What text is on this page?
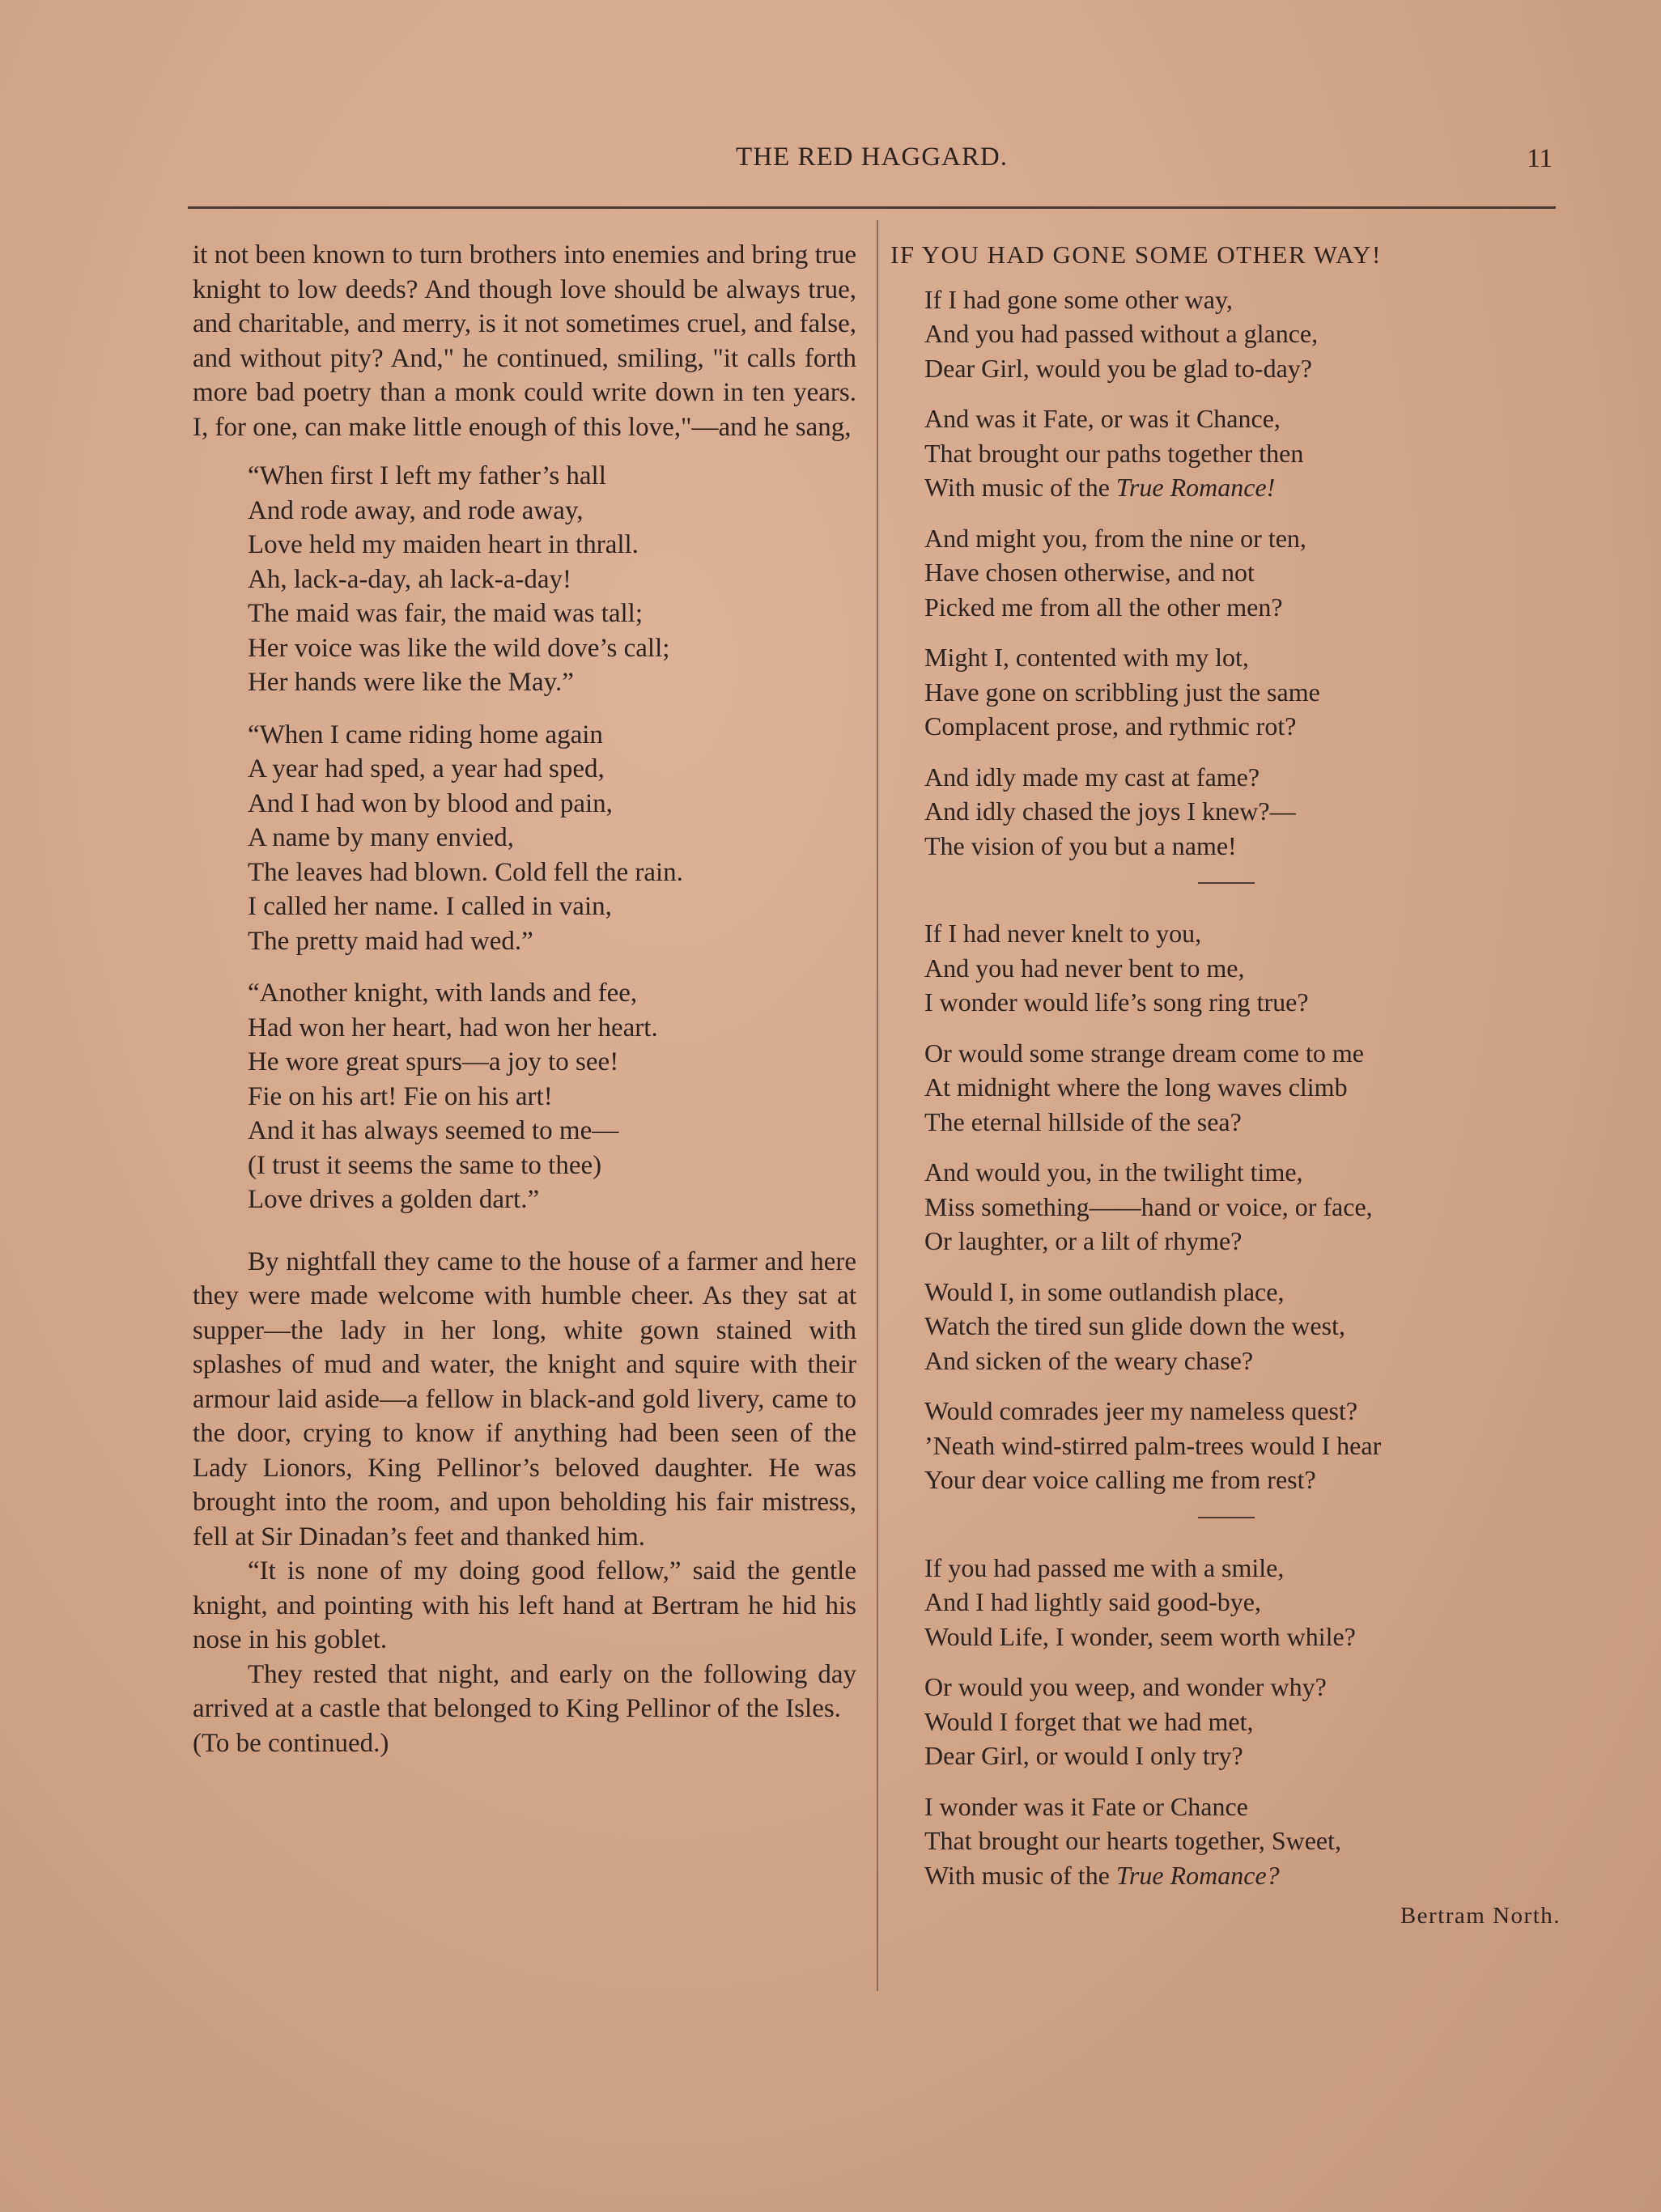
THE RED HAGGARD.	11

it not been known to turn brothers into enemies and bring true knight to low deeds? And though love should be always true, and charitable, and merry, is it not sometimes cruel, and false, and without pity? And," he continued, smiling, "it calls forth more bad poetry than a monk could write down in ten years. I, for one, can make little enough of this love,"—and he sang,

“When first I left my father’s hall
And rode away, and rode away,
Love held my maiden heart in thrall.
Ah, lack-a-day, ah lack-a-day!
The maid was fair, the maid was tall;
Her voice was like the wild dove’s call;
Her hands were like the May.”
“When I came riding home again
A year had sped, a year had sped,
And I had won by blood and pain,
A name by many envied,
The leaves had blown. Cold fell the rain.
I called her name. I called in vain,
The pretty maid had wed.”
“Another knight, with lands and fee,
Had won her heart, had won her heart.
He wore great spurs—a joy to see!
Fie on his art! Fie on his art!
And it has always seemed to me—
(I trust it seems the same to thee)
Love drives a golden dart.”

By nightfall they came to the house of a farmer and here they were made welcome with humble cheer. As they sat at supper—the lady in her long, white gown stained with splashes of mud and water, the knight and squire with their armour laid aside—a fellow in black-and gold livery, came to the door, crying to know if anything had been seen of the Lady Lionors, King Pellinor’s beloved daughter. He was brought into the room, and upon beholding his fair mistress, fell at Sir Dinadan’s feet and thanked him.

“It is none of my doing good fellow,” said the gentle knight, and pointing with his left hand at Bertram he hid his nose in his goblet.

They rested that night, and early on the following day arrived at a castle that belonged to King Pellinor of the Isles.

(To be continued.)

IF YOU HAD GONE SOME OTHER WAY!
If I had gone some other way,
And you had passed without a glance,
Dear Girl, would you be glad to-day?
And was it Fate, or was it Chance,
That brought our paths together then
With music of the True Romance!
And might you, from the nine or ten,
Have chosen otherwise, and not
Picked me from all the other men?
Might I, contented with my lot,
Have gone on scribbling just the same
Complacent prose, and rythmic rot?
And idly made my cast at fame?
And idly chased the joys I knew?—
The vision of you but a name!
If I had never knelt to you,
And you had never bent to me,
I wonder would life’s song ring true?
Or would some strange dream come to me
At midnight where the long waves climb
The eternal hillside of the sea?
And would you, in the twilight time,
Miss something——hand or voice, or face,
Or laughter, or a lilt of rhyme?
Would I, in some outlandish place,
Watch the tired sun glide down the west,
And sicken of the weary chase?
Would comrades jeer my nameless quest?
’Neath wind-stirred palm-trees would I hear
Your dear voice calling me from rest?
If you had passed me with a smile,
And I had lightly said good-bye,
Would Life, I wonder, seem worth while?
Or would you weep, and wonder why?
Would I forget that we had met,
Dear Girl, or would I only try?
I wonder was it Fate or Chance
That brought our hearts together, Sweet,
With music of the True Romance?
Bertram North.
